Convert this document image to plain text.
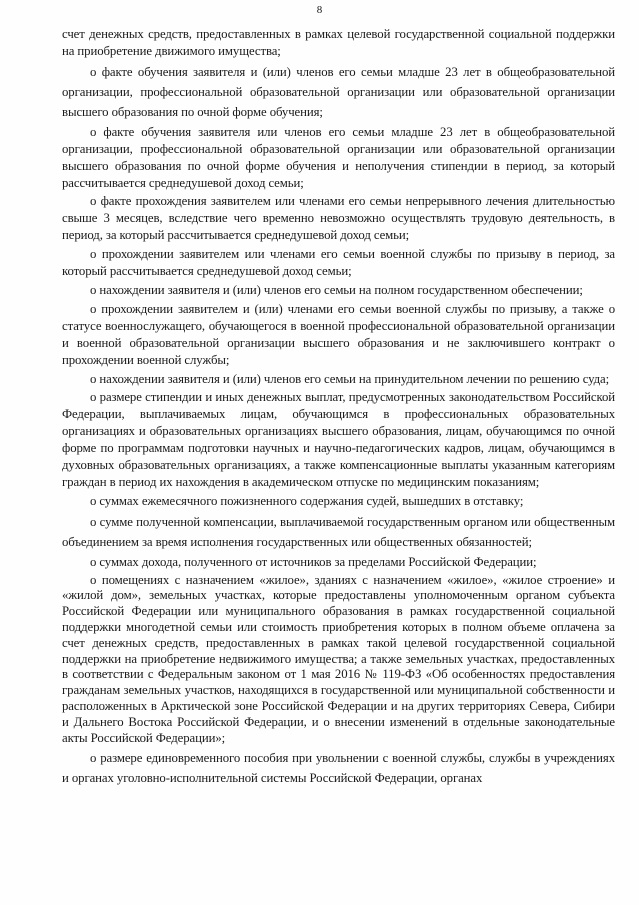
8

счет денежных средств, предоставленных в рамках целевой государственной социальной поддержки на приобретение движимого имущества;

о факте обучения заявителя и (или) членов его семьи младше 23 лет в общеобразовательной организации, профессиональной образовательной организации или образовательной организации высшего образования по очной форме обучения;

о факте обучения заявителя или членов его семьи младше 23 лет в общеобразовательной организации, профессиональной образовательной организации или образовательной организации высшего образования по очной форме обучения и неполучения стипендии в период, за который рассчитывается среднедушевой доход семьи;

о факте прохождения заявителем или членами его семьи непрерывного лечения длительностью свыше 3 месяцев, вследствие чего временно невозможно осуществлять трудовую деятельность, в период, за который рассчитывается среднедушевой доход семьи;

о прохождении заявителем или членами его семьи военной службы по призыву в период, за который рассчитывается среднедушевой доход семьи;

о нахождении заявителя и (или) членов его семьи на полном государственном обеспечении;

о прохождении заявителем и (или) членами его семьи военной службы по призыву, а также о статусе военнослужащего, обучающегося в военной профессиональной образовательной организации и военной образовательной организации высшего образования и не заключившего контракт о прохождении военной службы;

о нахождении заявителя и (или) членов его семьи на принудительном лечении по решению суда;

о размере стипендии и иных денежных выплат, предусмотренных законодательством Российской Федерации, выплачиваемых лицам, обучающимся в профессиональных образовательных организациях и образовательных организациях высшего образования, лицам, обучающимся по очной форме по программам подготовки научных и научно-педагогических кадров, лицам, обучающимся в духовных образовательных организациях, а также компенсационные выплаты указанным категориям граждан в период их нахождения в академическом отпуске по медицинским показаниям;

о суммах ежемесячного пожизненного содержания судей, вышедших в отставку;

о сумме полученной компенсации, выплачиваемой государственным органом или общественным объединением за время исполнения государственных или общественных обязанностей;

о суммах дохода, полученного от источников за пределами Российской Федерации;

о помещениях с назначением «жилое», зданиях с назначением «жилое», «жилое строение» и «жилой дом», земельных участках, которые предоставлены уполномоченным органом субъекта Российской Федерации или муниципального образования в рамках государственной социальной поддержки многодетной семьи или стоимость приобретения которых в полном объеме оплачена за счет денежных средств, предоставленных в рамках такой целевой государственной социальной поддержки на приобретение недвижимого имущества; а также земельных участках, предоставленных в соответствии с Федеральным законом от 1 мая 2016 № 119-ФЗ «Об особенностях предоставления гражданам земельных участков, находящихся в государственной или муниципальной собственности и расположенных в Арктической зоне Российской Федерации и на других территориях Севера, Сибири и Дальнего Востока Российской Федерации, и о внесении изменений в отдельные законодательные акты Российской Федерации»;

о размере единовременного пособия при увольнении с военной службы, службы в учреждениях и органах уголовно-исполнительной системы Российской Федерации, органах
